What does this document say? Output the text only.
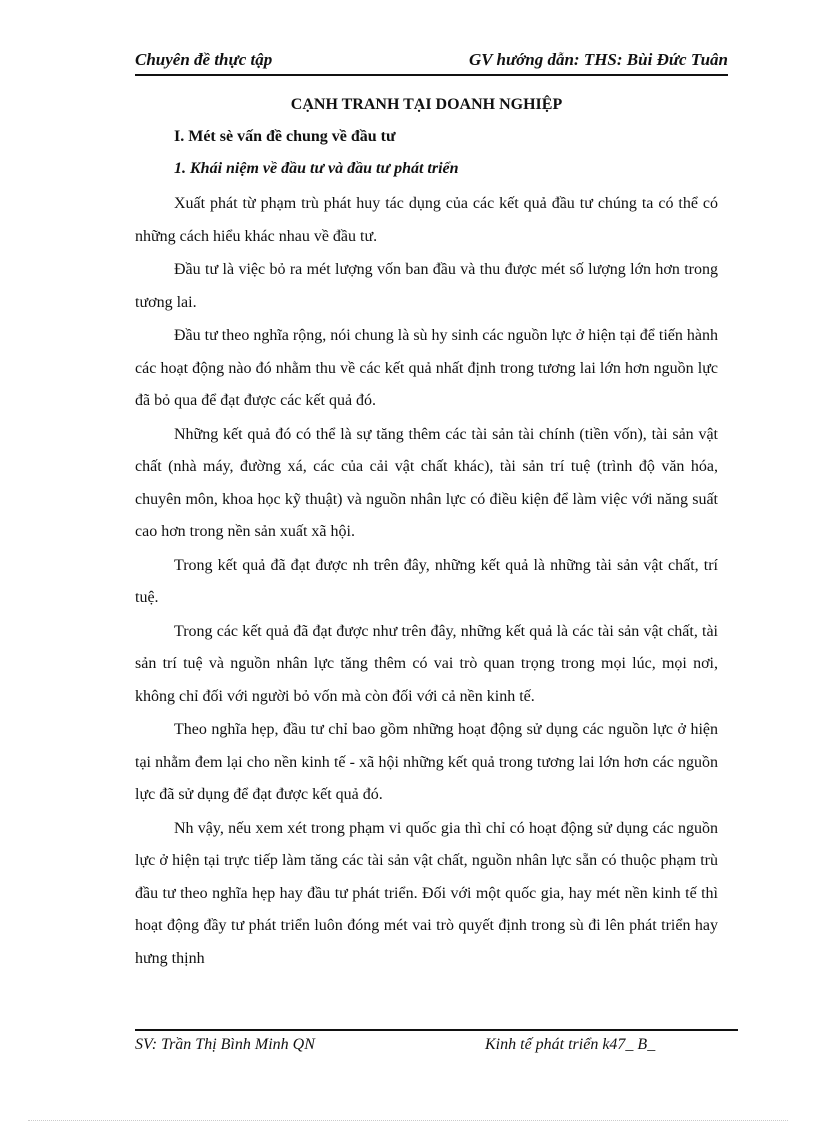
Chuyên đề thực tập	GV hướng dẫn: THS: Bùi Đức Tuân
CẠNH TRANH TẠI DOANH NGHIỆP
I. Mét sè vấn đề chung về đầu tư
1. Khái niệm về đầu tư và đầu tư phát triển

Xuất phát từ phạm trù phát huy tác dụng của các kết quả đầu tư chúng ta có thể có những cách hiểu khác nhau về đầu tư.

Đầu tư là việc bỏ ra mét lượng vốn ban đầu và thu được mét số lượng lớn hơn trong tương lai.

Đầu tư theo nghĩa rộng, nói chung là sù hy sinh các nguồn lực ở hiện tại để tiến hành các hoạt động nào đó nhằm thu về các kết quả nhất định trong tương lai lớn hơn nguồn lực đã bỏ qua để đạt được các kết quả đó.

Những kết quả đó có thể là sự tăng thêm các tài sản tài chính (tiền vốn), tài sản vật chất (nhà máy, đường xá, các của cải vật chất khác), tài sản trí tuệ (trình độ văn hóa, chuyên môn, khoa học kỹ thuật) và nguồn nhân lực có điều kiện để làm việc với năng suất cao hơn trong nền sản xuất xã hội.

Trong kết quả đã đạt được nh trên đây, những kết quả là những tài sản vật chất, trí tuệ.

Trong các kết quả đã đạt được như trên đây, những kết quả là các tài sản vật chất, tài sản trí tuệ và nguồn nhân lực tăng thêm có vai trò quan trọng trong mọi lúc, mọi nơi, không chỉ đối với người bỏ vốn mà còn đối với cả nền kinh tế.

Theo nghĩa hẹp, đầu tư chỉ bao gồm những hoạt động sử dụng các nguồn lực ở hiện tại nhằm đem lại cho nền kinh tế - xã hội những kết quả trong tương lai lớn hơn các nguồn lực đã sử dụng để đạt được kết quả đó.

Nh vậy, nếu xem xét trong phạm vi quốc gia thì chỉ có hoạt động sử dụng các nguồn lực ở hiện tại trực tiếp làm tăng các tài sản vật chất, nguồn nhân lực sẵn có thuộc phạm trù đầu tư theo nghĩa hẹp hay đầu tư phát triển. Đối với một quốc gia, hay mét nền kinh tế thì hoạt động đầy tư phát triển luôn đóng mét vai trò quyết định trong sù đi lên phát triển hay hưng thịnh

SV: Trần Thị Bình Minh QN	Kinh tế phát triển k47_ B_
